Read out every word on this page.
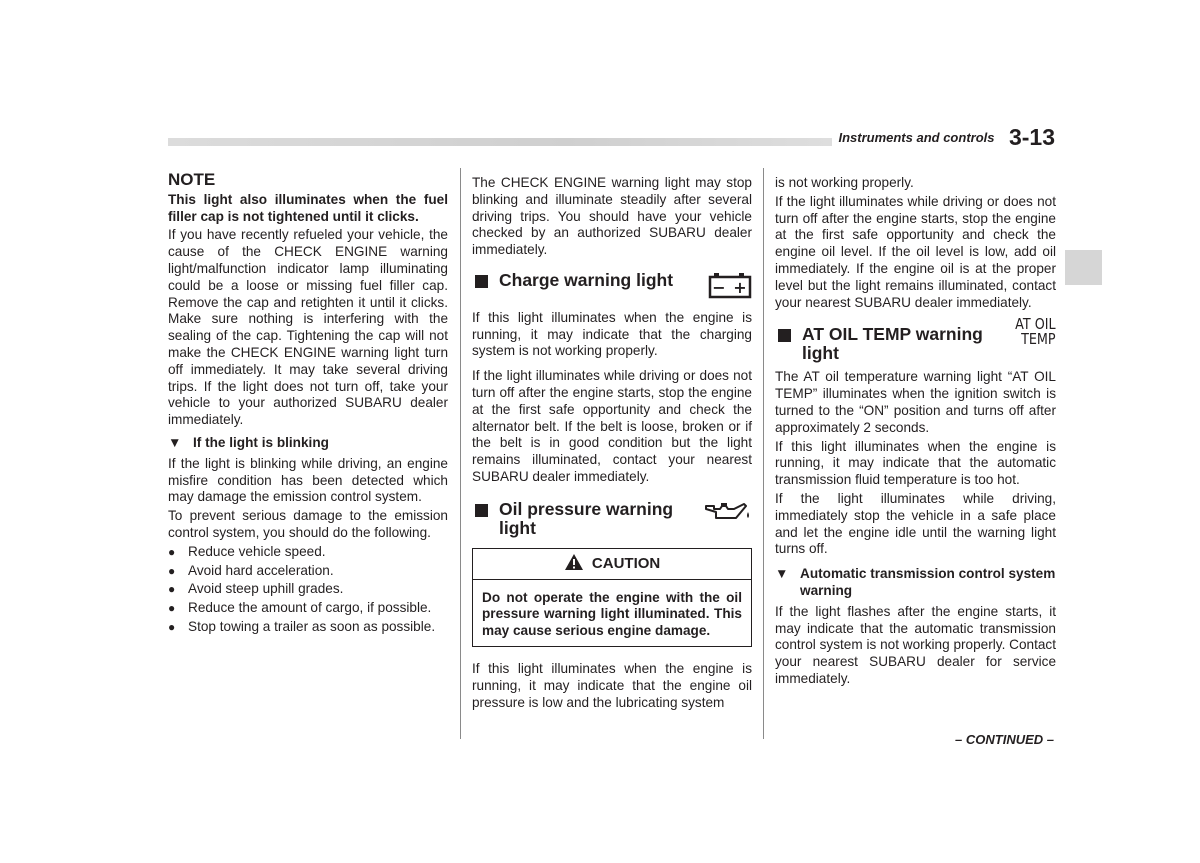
Instruments and controls 3-13
NOTE

This light also illuminates when the fuel filler cap is not tightened until it clicks.

If you have recently refueled your vehicle, the cause of the CHECK ENGINE warning light/malfunction indicator lamp illuminating could be a loose or missing fuel filler cap. Remove the cap and retighten it until it clicks. Make sure nothing is interfering with the sealing of the cap. Tightening the cap will not make the CHECK ENGINE warning light turn off immediately. It may take several driving trips. If the light does not turn off, take your vehicle to your authorized SUBARU dealer immediately.

▼ If the light is blinking

If the light is blinking while driving, an engine misfire condition has been detected which may damage the emission control system.

To prevent serious damage to the emission control system, you should do the following.

● Reduce vehicle speed.
● Avoid hard acceleration.
● Avoid steep uphill grades.
● Reduce the amount of cargo, if possible.
● Stop towing a trailer as soon as possible.

The CHECK ENGINE warning light may stop blinking and illuminate steadily after several driving trips. You should have your vehicle checked by an authorized SUBARU dealer immediately.

Charge warning light	− +

If this light illuminates when the engine is running, it may indicate that the charging system is not working properly.

If the light illuminates while driving or does not turn off after the engine starts, stop the engine at the first safe opportunity and check the alternator belt. If the belt is loose, broken or if the belt is in good condition but the light remains illuminated, contact your nearest SUBARU dealer immediately.

Oil pressure warning light
CAUTION
Do not operate the engine with the oil pressure warning light illuminated. This may cause serious engine damage.

If this light illuminates when the engine is running, it may indicate that the engine oil pressure is low and the lubricating system

is not working properly.

If the light illuminates while driving or does not turn off after the engine starts, stop the engine at the first safe opportunity and check the engine oil level. If the oil level is low, add oil immediately. If the engine oil is at the proper level but the light remains illuminated, contact your nearest SUBARU dealer immediately.

AT OIL TEMP warning light
AT OIL
TEMP

The AT oil temperature warning light “AT OIL TEMP” illuminates when the ignition switch is turned to the “ON” position and turns off after approximately 2 seconds.

If this light illuminates when the engine is running, it may indicate that the automatic transmission fluid temperature is too hot.

If the light illuminates while driving, immediately stop the vehicle in a safe place and let the engine idle until the warning light turns off.

▼ Automatic transmission control system warning

If the light flashes after the engine starts, it may indicate that the automatic transmission control system is not working properly. Contact your nearest SUBARU dealer for service immediately.

– CONTINUED –
